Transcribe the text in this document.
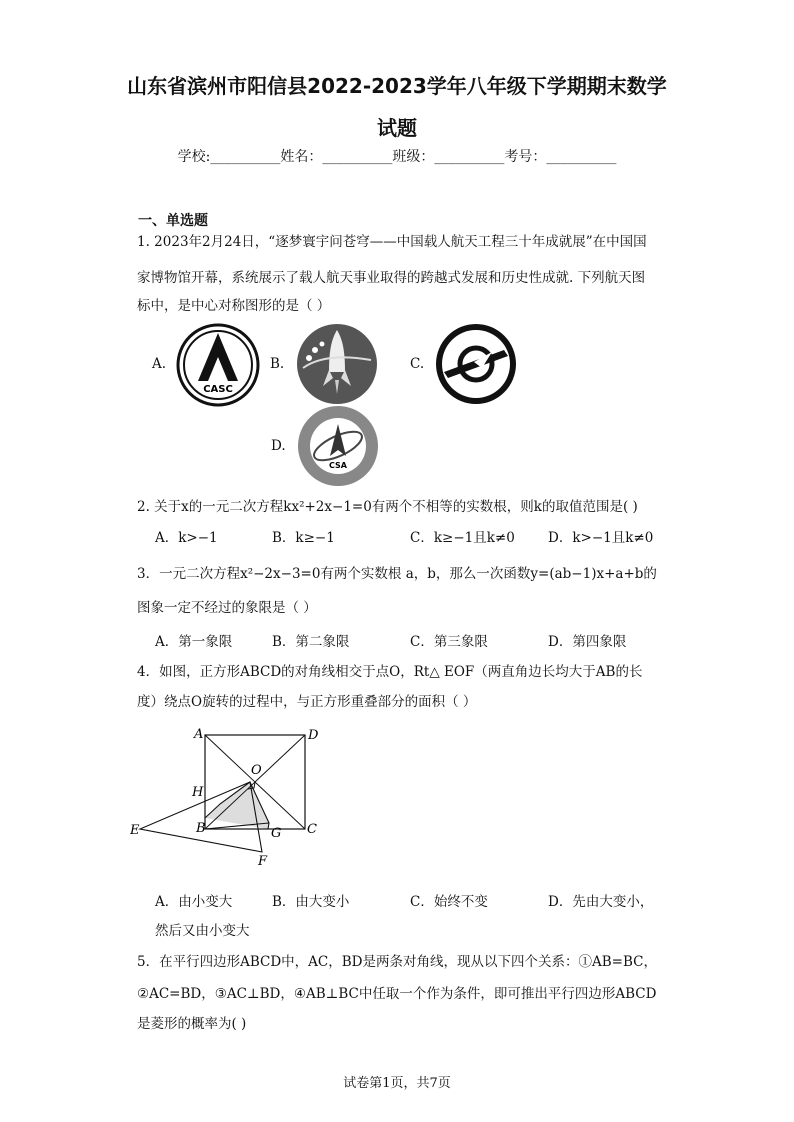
山东省滨州市阳信县2022-2023学年八年级下学期期末数学
试题
学校:__________姓名：__________班级：__________考号：__________
一、单选题
1. 2023年2月24日，“逐梦寰宇问苍穹——中国载人航天工程三十年成就展”在中国国
家博物馆开幕，系统展示了载人航天事业取得的跨越式发展和历史性成就. 下列航天图
标中，是中心对称图形的是（ ）
A.	B.	C.
D.
CASC
CSA
2. 关于x的一元二次方程kx²+2x−1=0有两个不相等的实数根，则k的取值范围是( )
A．k>−1	B．k≥−1	C．k≥−1且k≠0 D．k>−1且k≠0
3．一元二次方程x²−2x−3=0有两个实数根 a，b，那么一次函数y=(ab−1)x+a+b的
图象一定不经过的象限是（ ）
A．第一象限	B．第二象限	C．第三象限	D．第四象限
4．如图，正方形ABCD的对角线相交于点O，Rt△ EOF（两直角边长均大于AB的长
度）绕点O旋转的过程中，与正方形重叠部分的面积（ ）
A	D
O
H
E	B	G C
F
A．由小变大	B．由大变小	C．始终不变	D．先由大变小，
然后又由小变大
5．在平行四边形ABCD中，AC，BD是两条对角线，现从以下四个关系：①AB=BC，
②AC=BD，③AC⊥BD，④AB⊥BC中任取一个作为条件，即可推出平行四边形ABCD
是菱形的概率为( )
试卷第1页，共7页
